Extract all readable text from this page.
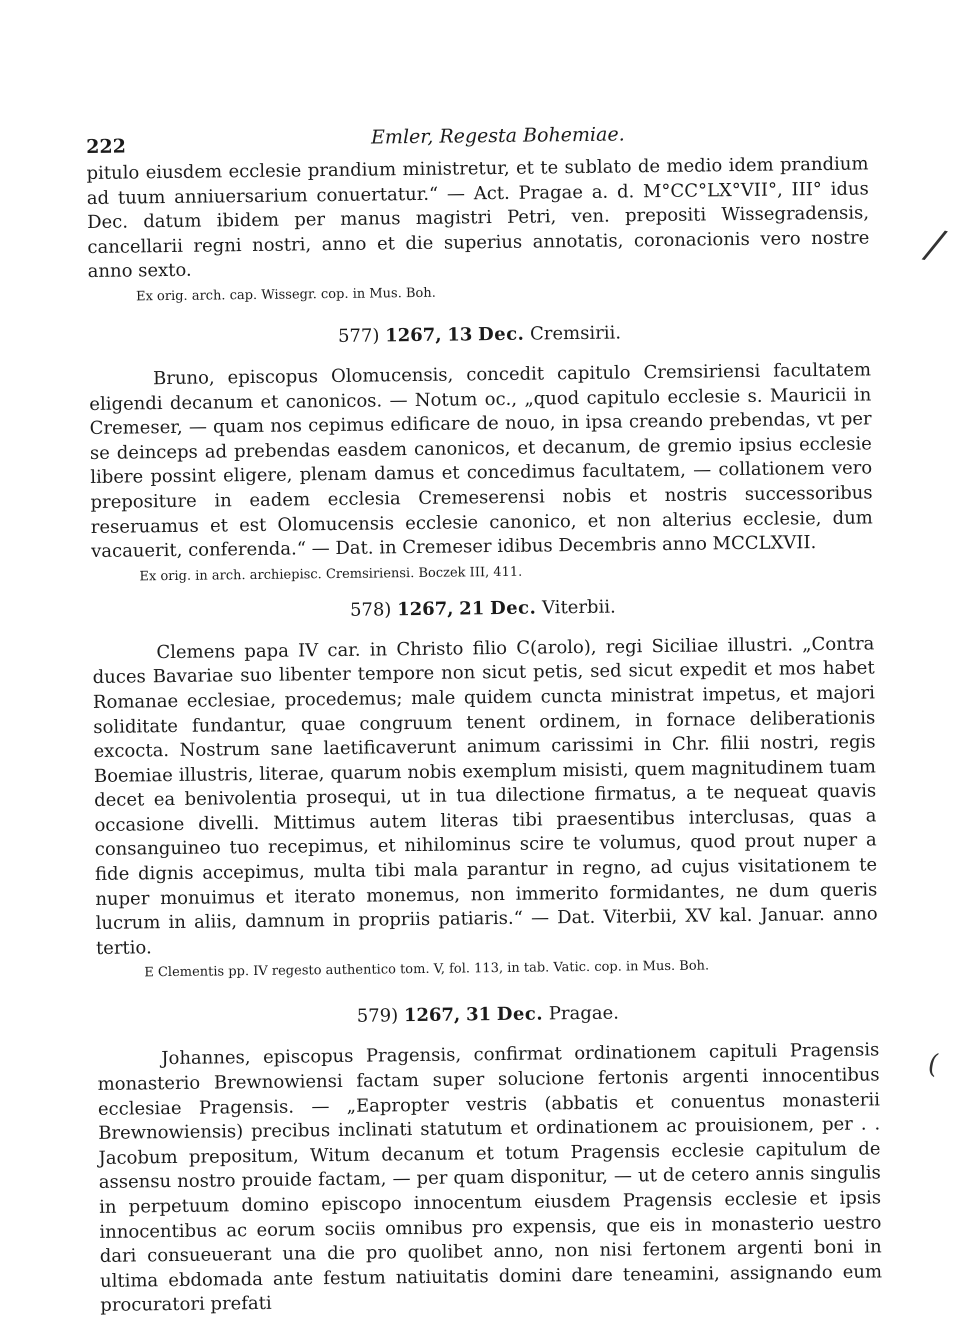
/
(
222	Emler, Regesta Bohemiae.

pitulo eiusdem ecclesie prandium ministretur, et te sublato de medio idem prandium ad tuum anniuersarium conuertatur.“ — Act. Pragae a. d. M°CC°LX°VII°, III° idus Dec. datum ibidem per manus magistri Petri, ven. prepositi Wissegradensis, cancellarii regni nostri, anno et die superius annotatis, coronacionis vero nostre anno sexto.

Ex orig. arch. cap. Wissegr. cop. in Mus. Boh.

577) 1267, 13 Dec. Cremsirii.

Bruno, episcopus Olomucensis, concedit capitulo Cremsiriensi facultatem eligendi decanum et canonicos. — Notum oc., „quod capitulo ecclesie s. Mauricii in Cremeser, — quam nos cepimus edificare de nouo, in ipsa creando prebendas, vt per se deinceps ad prebendas easdem canonicos, et decanum, de gremio ipsius ecclesie libere possint eligere, plenam damus et concedimus facultatem, — collationem vero prepositure in eadem ecclesia Cremeserensi nobis et nostris successoribus reseruamus et est Olomucensis ecclesie canonico, et non alterius ecclesie, dum vacauerit, conferenda.“ — Dat. in Cremeser idibus Decembris anno MCCLXVII.

Ex orig. in arch. archiepisc. Cremsiriensi. Boczek III, 411.

578) 1267, 21 Dec. Viterbii.

Clemens papa IV car. in Christo filio C(arolo), regi Siciliae illustri. „Contra duces Bavariae suo libenter tempore non sicut petis, sed sicut expedit et mos habet Romanae ecclesiae, procedemus; male quidem cuncta ministrat impetus, et majori soliditate fundantur, quae congruum tenent ordinem, in fornace deliberationis excocta. Nostrum sane laetificaverunt animum carissimi in Chr. filii nostri, regis Boemiae illustris, literae, quarum nobis exemplum misisti, quem magnitudinem tuam decet ea benivolentia prosequi, ut in tua dilectione firmatus, a te nequeat quavis occasione divelli. Mittimus autem literas tibi praesentibus interclusas, quas a consanguineo tuo recepimus, et nihilominus scire te volumus, quod prout nuper a fide dignis accepimus, multa tibi mala parantur in regno, ad cujus visitationem te nuper monuimus et iterato monemus, non immerito formidantes, ne dum queris lucrum in aliis, damnum in propriis patiaris.“ — Dat. Viterbii, XV kal. Januar. anno tertio.

E Clementis pp. IV regesto authentico tom. V, fol. 113, in tab. Vatic. cop. in Mus. Boh.

579) 1267, 31 Dec. Pragae.

Johannes, episcopus Pragensis, confirmat ordinationem capituli Pragensis monasterio Brewnowiensi factam super solucione fertonis argenti innocentibus ecclesiae Pragensis. — „Eapropter vestris (abbatis et conuentus monasterii Brewnowiensis) precibus inclinati statutum et ordinationem ac prouisionem, per . . Jacobum prepositum, Witum decanum et totum Pragensis ecclesie capitulum de assensu nostro prouide factam, — per quam disponitur, — ut de cetero annis singulis in perpetuum domino episcopo innocentum eiusdem Pragensis ecclesie et ipsis innocentibus ac eorum sociis omnibus pro expensis, que eis in monasterio uestro dari consueuerant una die pro quolibet anno, non nisi fertonem argenti boni in ultima ebdomada ante festum natiuitatis domini dare teneamini, assignando eum procuratori prefati
